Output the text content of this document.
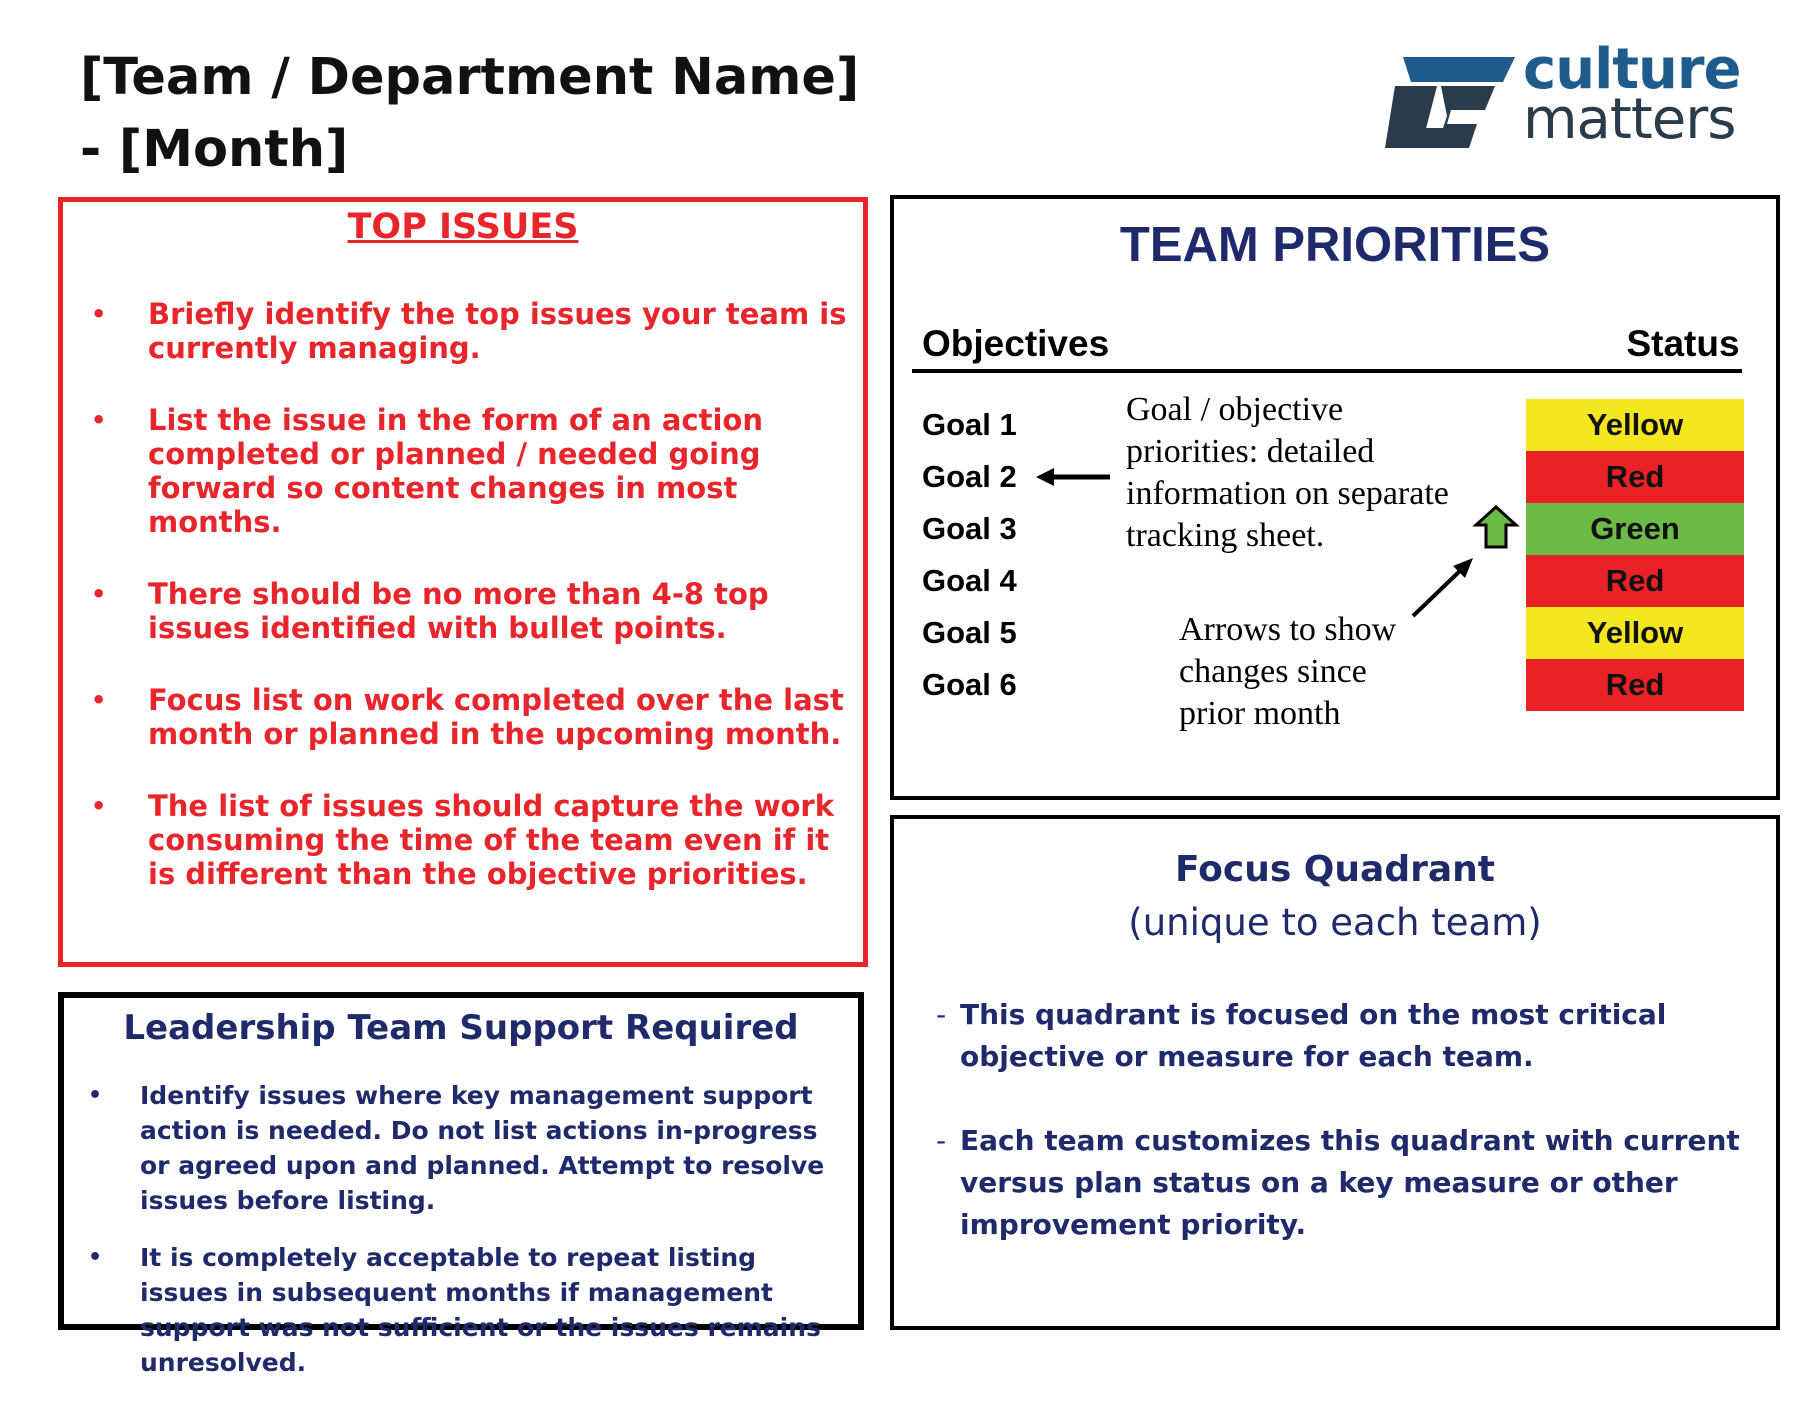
[Team / Department Name]
- [Month]
culture
matters
TOP ISSUES
• Briefly identify the top issues your team is currently managing.
• List the issue in the form of an action completed or planned / needed going forward so content changes in most months.
• There should be no more than 4-8 top issues identified with bullet points.
• Focus list on work completed over the last month or planned in the upcoming month.
• The list of issues should capture the work consuming the time of the team even if it is different than the objective priorities.
TEAM PRIORITIES
Objectives	Status
Goal 1
Goal 2
Goal 3
Goal 4
Goal 5
Goal 6
Yellow
Red
Green
Red
Yellow
Red
Goal / objective
priorities: detailed
information on separate
tracking sheet.
Arrows to show
changes since
prior month
Leadership Team Support Required
• Identify issues where key management support action is needed. Do not list actions in-progress or agreed upon and planned. Attempt to resolve issues before listing.
• It is completely acceptable to repeat listing issues in subsequent months if management support was not sufficient or the issues remains unresolved.
Focus Quadrant
(unique to each team)
- This quadrant is focused on the most critical objective or measure for each team.
- Each team customizes this quadrant with current versus plan status on a key measure or other improvement priority.
